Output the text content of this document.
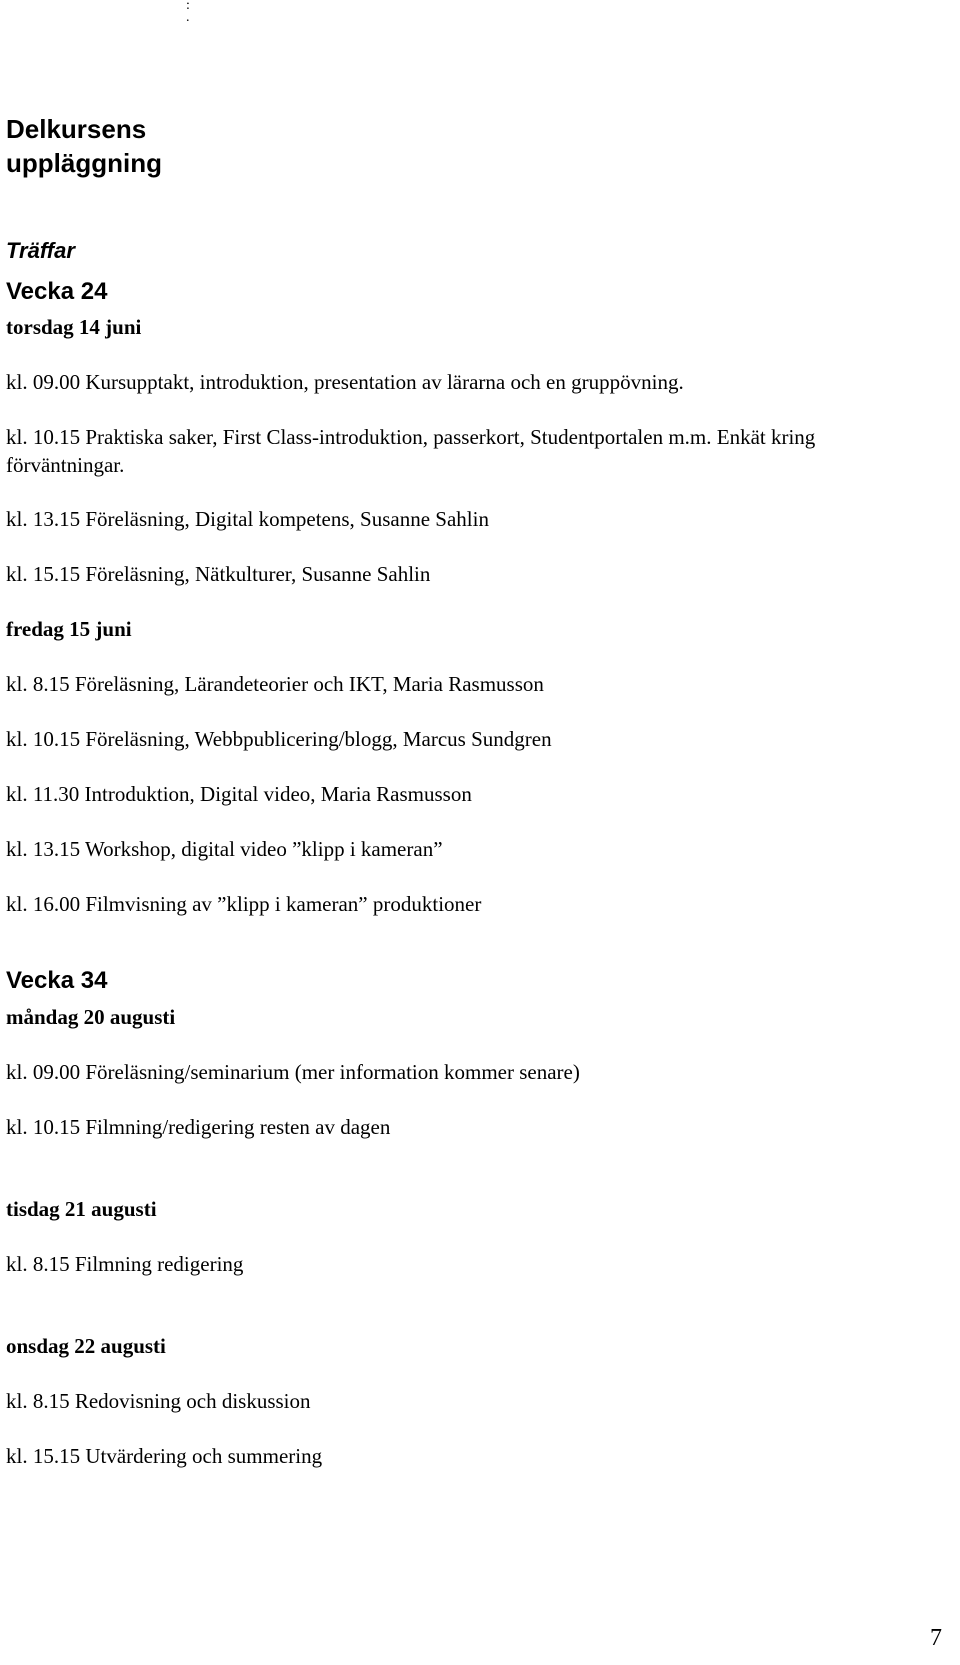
:
.
Delkursens uppläggning
Träffar
Vecka 24
torsdag 14 juni
kl. 09.00 Kursupptakt, introduktion, presentation av lärarna och en gruppövning.
kl. 10.15 Praktiska saker, First Class-introduktion, passerkort, Studentportalen m.m. Enkät kring förväntningar.
kl. 13.15 Föreläsning, Digital kompetens, Susanne Sahlin
kl. 15.15 Föreläsning, Nätkulturer, Susanne Sahlin
fredag 15 juni
kl. 8.15 Föreläsning, Lärandeteorier och IKT, Maria Rasmusson
kl. 10.15 Föreläsning, Webbpublicering/blogg, Marcus Sundgren
kl. 11.30 Introduktion, Digital video, Maria Rasmusson
kl. 13.15 Workshop, digital video ”klipp i kameran”
kl. 16.00 Filmvisning av ”klipp i kameran” produktioner
Vecka 34
måndag 20 augusti
kl. 09.00 Föreläsning/seminarium (mer information kommer senare)
kl. 10.15 Filmning/redigering resten av dagen
tisdag 21 augusti
kl. 8.15 Filmning redigering
onsdag 22 augusti
kl. 8.15 Redovisning och diskussion
kl. 15.15 Utvärdering och summering
7
